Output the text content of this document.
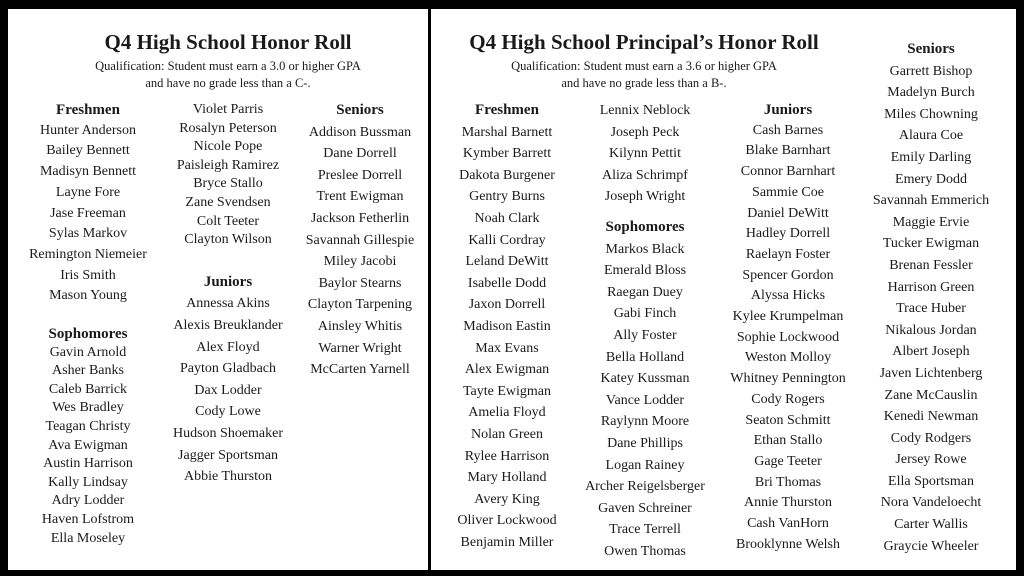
Q4 High School Honor Roll
Qualification: Student must earn a 3.0 or higher GPA
and have no grade less than a C-.
Freshmen
Hunter Anderson
Bailey Bennett
Madisyn Bennett
Layne Fore
Jase Freeman
Sylas Markov
Remington Niemeier
Iris Smith
Mason Young
Sophomores
Gavin Arnold
Asher Banks
Caleb Barrick
Wes Bradley
Teagan Christy
Ava Ewigman
Austin Harrison
Kally Lindsay
Adry Lodder
Haven Lofstrom
Ella Moseley
Violet Parris
Rosalyn Peterson
Nicole Pope
Paisleigh Ramirez
Bryce Stallo
Zane Svendsen
Colt Teeter
Clayton Wilson
Juniors
Annessa Akins
Alexis Breuklander
Alex Floyd
Payton Gladbach
Dax Lodder
Cody Lowe
Hudson Shoemaker
Jagger Sportsman
Abbie Thurston
Seniors
Addison Bussman
Dane Dorrell
Preslee Dorrell
Trent Ewigman
Jackson Fetherlin
Savannah Gillespie
Miley Jacobi
Baylor Stearns
Clayton Tarpening
Ainsley Whitis
Warner Wright
McCarten Yarnell
Q4 High School Principal’s Honor Roll
Qualification: Student must earn a 3.6 or higher GPA
and have no grade less than a B-.
Freshmen
Marshal Barnett
Kymber Barrett
Dakota Burgener
Gentry Burns
Noah Clark
Kalli Cordray
Leland DeWitt
Isabelle Dodd
Jaxon Dorrell
Madison Eastin
Max Evans
Alex Ewigman
Tayte Ewigman
Amelia Floyd
Nolan Green
Rylee Harrison
Mary Holland
Avery King
Oliver Lockwood
Benjamin Miller
Lennix Neblock
Joseph Peck
Kilynn Pettit
Aliza Schrimpf
Joseph Wright
Sophomores
Markos Black
Emerald Bloss
Raegan Duey
Gabi Finch
Ally Foster
Bella Holland
Katey Kussman
Vance Lodder
Raylynn Moore
Dane Phillips
Logan Rainey
Archer Reigelsberger
Gaven Schreiner
Trace Terrell
Owen Thomas
Juniors
Cash Barnes
Blake Barnhart
Connor Barnhart
Sammie Coe
Daniel DeWitt
Hadley Dorrell
Raelayn Foster
Spencer Gordon
Alyssa Hicks
Kylee Krumpelman
Sophie Lockwood
Weston Molloy
Whitney Pennington
Cody Rogers
Seaton Schmitt
Ethan Stallo
Gage Teeter
Bri Thomas
Annie Thurston
Cash VanHorn
Brooklynne Welsh
Seniors
Garrett Bishop
Madelyn Burch
Miles Chowning
Alaura Coe
Emily Darling
Emery Dodd
Savannah Emmerich
Maggie Ervie
Tucker Ewigman
Brenan Fessler
Harrison Green
Trace Huber
Nikalous Jordan
Albert Joseph
Javen Lichtenberg
Zane McCauslin
Kenedi Newman
Cody Rodgers
Jersey Rowe
Ella Sportsman
Nora Vandeloecht
Carter Wallis
Graycie Wheeler
